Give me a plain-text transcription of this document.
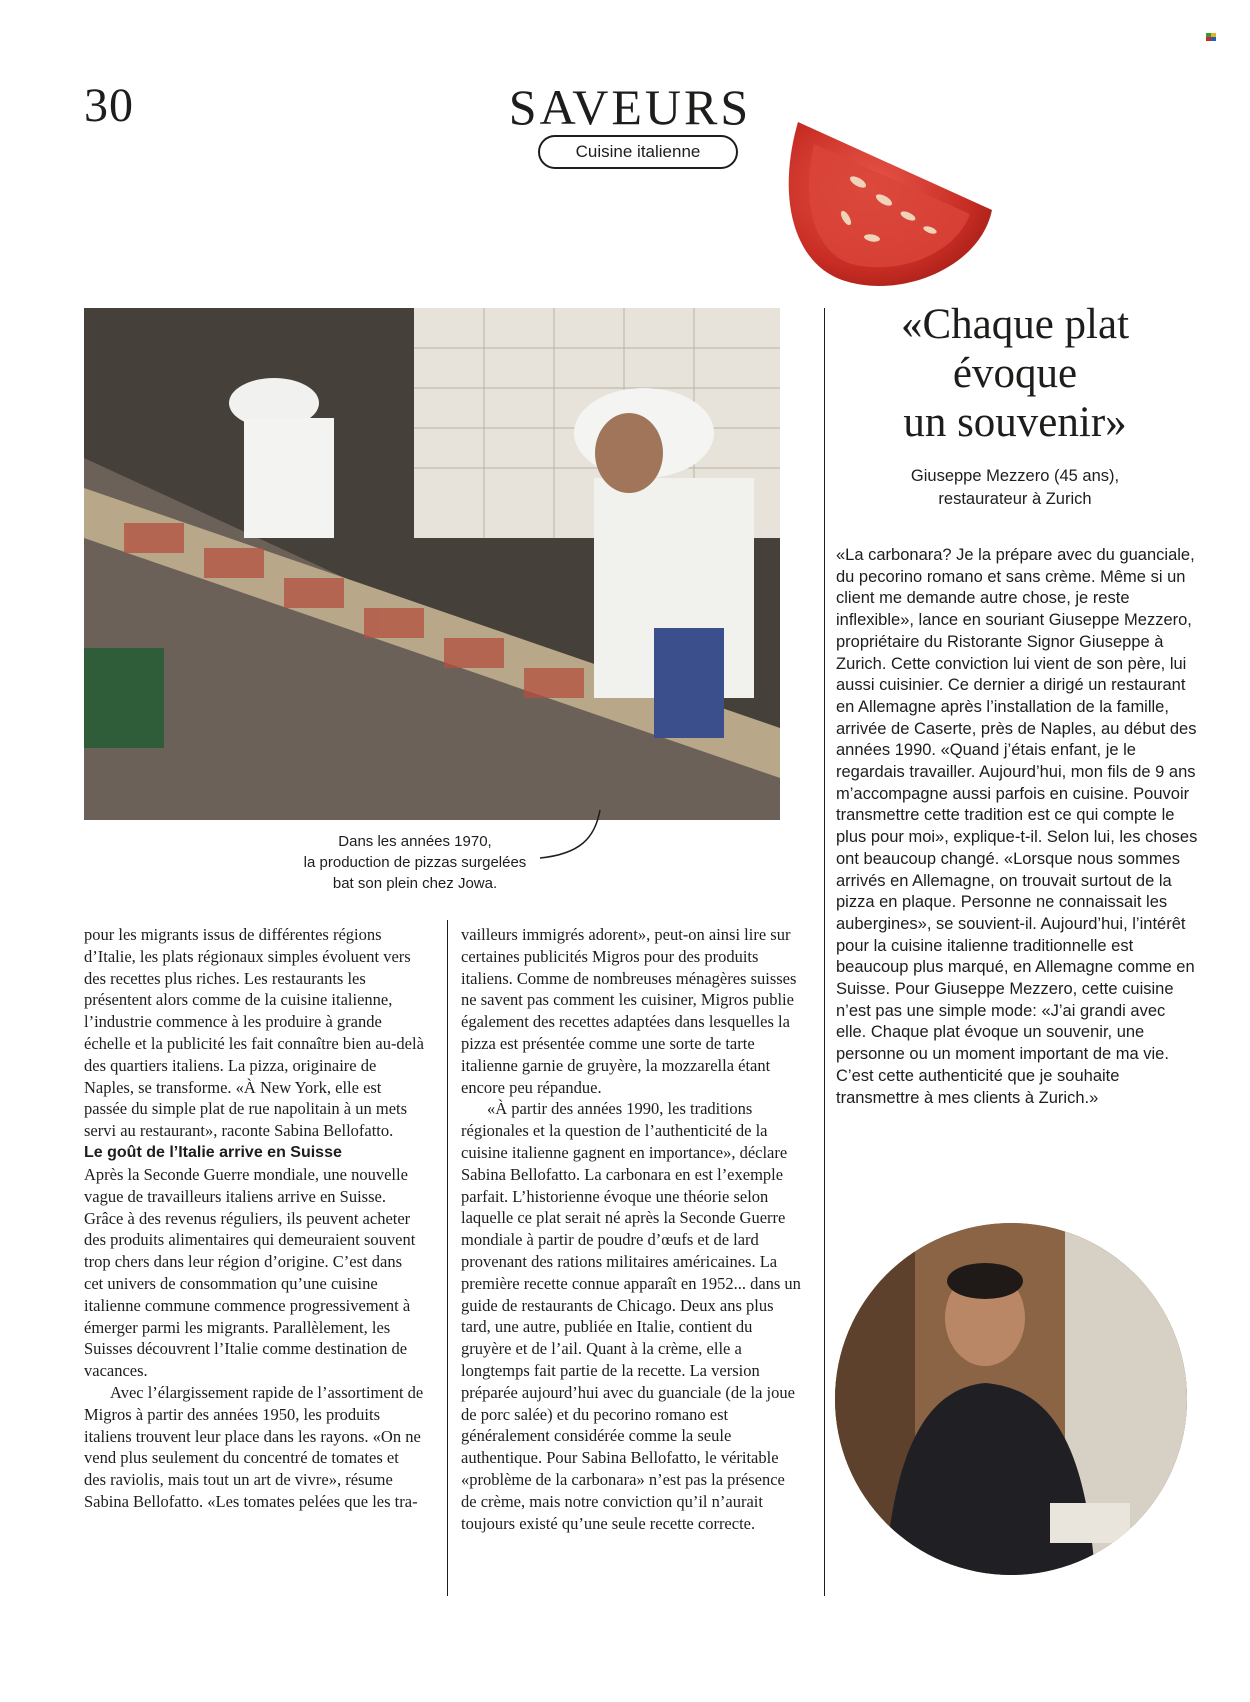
30	SAVEURS
Cuisine italienne
Dans les années 1970,
la production de pizzas surgelées
bat son plein chez Jowa.

pour les migrants issus de différentes régions d’Italie, les plats régionaux simples évoluent vers des recettes plus riches. Les restaurants les présentent alors comme de la cuisine italienne, l’industrie commence à les produire à grande échelle et la publicité les fait connaître bien au-delà des quartiers italiens. La pizza, originaire de Naples, se transforme. «À New York, elle est passée du simple plat de rue napolitain à un mets servi au restaurant», raconte Sabina Bellofatto.

Le goût de l’Italie arrive en Suisse

Après la Seconde Guerre mondiale, une nouvelle vague de travailleurs italiens arrive en Suisse. Grâce à des revenus réguliers, ils peuvent acheter des produits alimentaires qui demeuraient souvent trop chers dans leur région d’origine. C’est dans cet univers de consommation qu’une cuisine italienne commune commence progressivement à émerger parmi les migrants. Parallèlement, les Suisses découvrent l’Italie comme destination de vacances.

Avec l’élargissement rapide de l’assortiment de Migros à partir des années 1950, les produits italiens trouvent leur place dans les rayons. «On ne vend plus seulement du concentré de tomates et des raviolis, mais tout un art de vivre», résume Sabina Bellofatto. «Les tomates pelées que les tra-

vailleurs immigrés adorent», peut-on ainsi lire sur certaines publicités Migros pour des produits italiens. Comme de nombreuses ménagères suisses ne savent pas comment les cuisiner, Migros publie également des recettes adaptées dans lesquelles la pizza est présentée comme une sorte de tarte italienne garnie de gruyère, la mozzarella étant encore peu répandue.

«À partir des années 1990, les traditions régionales et la question de l’authenticité de la cuisine italienne gagnent en importance», déclare Sabina Bellofatto. La carbonara en est l’exemple parfait. L’historienne évoque une théorie selon laquelle ce plat serait né après la Seconde Guerre mondiale à partir de poudre d’œufs et de lard provenant des rations militaires américaines. La première recette connue apparaît en 1952... dans un guide de restaurants de Chicago. Deux ans plus tard, une autre, publiée en Italie, contient du gruyère et de l’ail. Quant à la crème, elle a longtemps fait partie de la recette. La version préparée aujourd’hui avec du guanciale (de la joue de porc salée) et du pecorino romano est généralement considérée comme la seule authentique. Pour Sabina Bellofatto, le véritable «problème de la carbonara» n’est pas la présence de crème, mais notre conviction qu’il n’aurait toujours existé qu’une seule recette correcte.

«Chaque plat
évoque
un souvenir»
Giuseppe Mezzero (45 ans),
restaurateur à Zurich
«La carbonara? Je la prépare avec du guanciale, du pecorino romano et sans crème. Même si un client me demande autre chose, je reste inflexible», lance en souriant Giuseppe Mezzero, propriétaire du Ristorante Signor Giuseppe à Zurich. Cette conviction lui vient de son père, lui aussi cuisinier. Ce dernier a dirigé un restaurant en Allemagne après l’installation de la famille, arrivée de Caserte, près de Naples, au début des années 1990. «Quand j’étais enfant, je le regardais travailler. Aujourd’hui, mon fils de 9 ans m’accompagne aussi parfois en cuisine. Pouvoir transmettre cette tradition est ce qui compte le plus pour moi», explique-t-il. Selon lui, les choses ont beaucoup changé. «Lorsque nous sommes arrivés en Allemagne, on trouvait surtout de la pizza en plaque. Personne ne connaissait les aubergines», se souvient-il. Aujourd’hui, l’intérêt pour la cuisine italienne traditionnelle est beaucoup plus marqué, en Allemagne comme en Suisse. Pour Giuseppe Mezzero, cette cuisine n’est pas une simple mode: «J’ai grandi avec elle. Chaque plat évoque un souvenir, une personne ou un moment important de ma vie. C’est cette authenticité que je souhaite transmettre à mes clients à Zurich.»
